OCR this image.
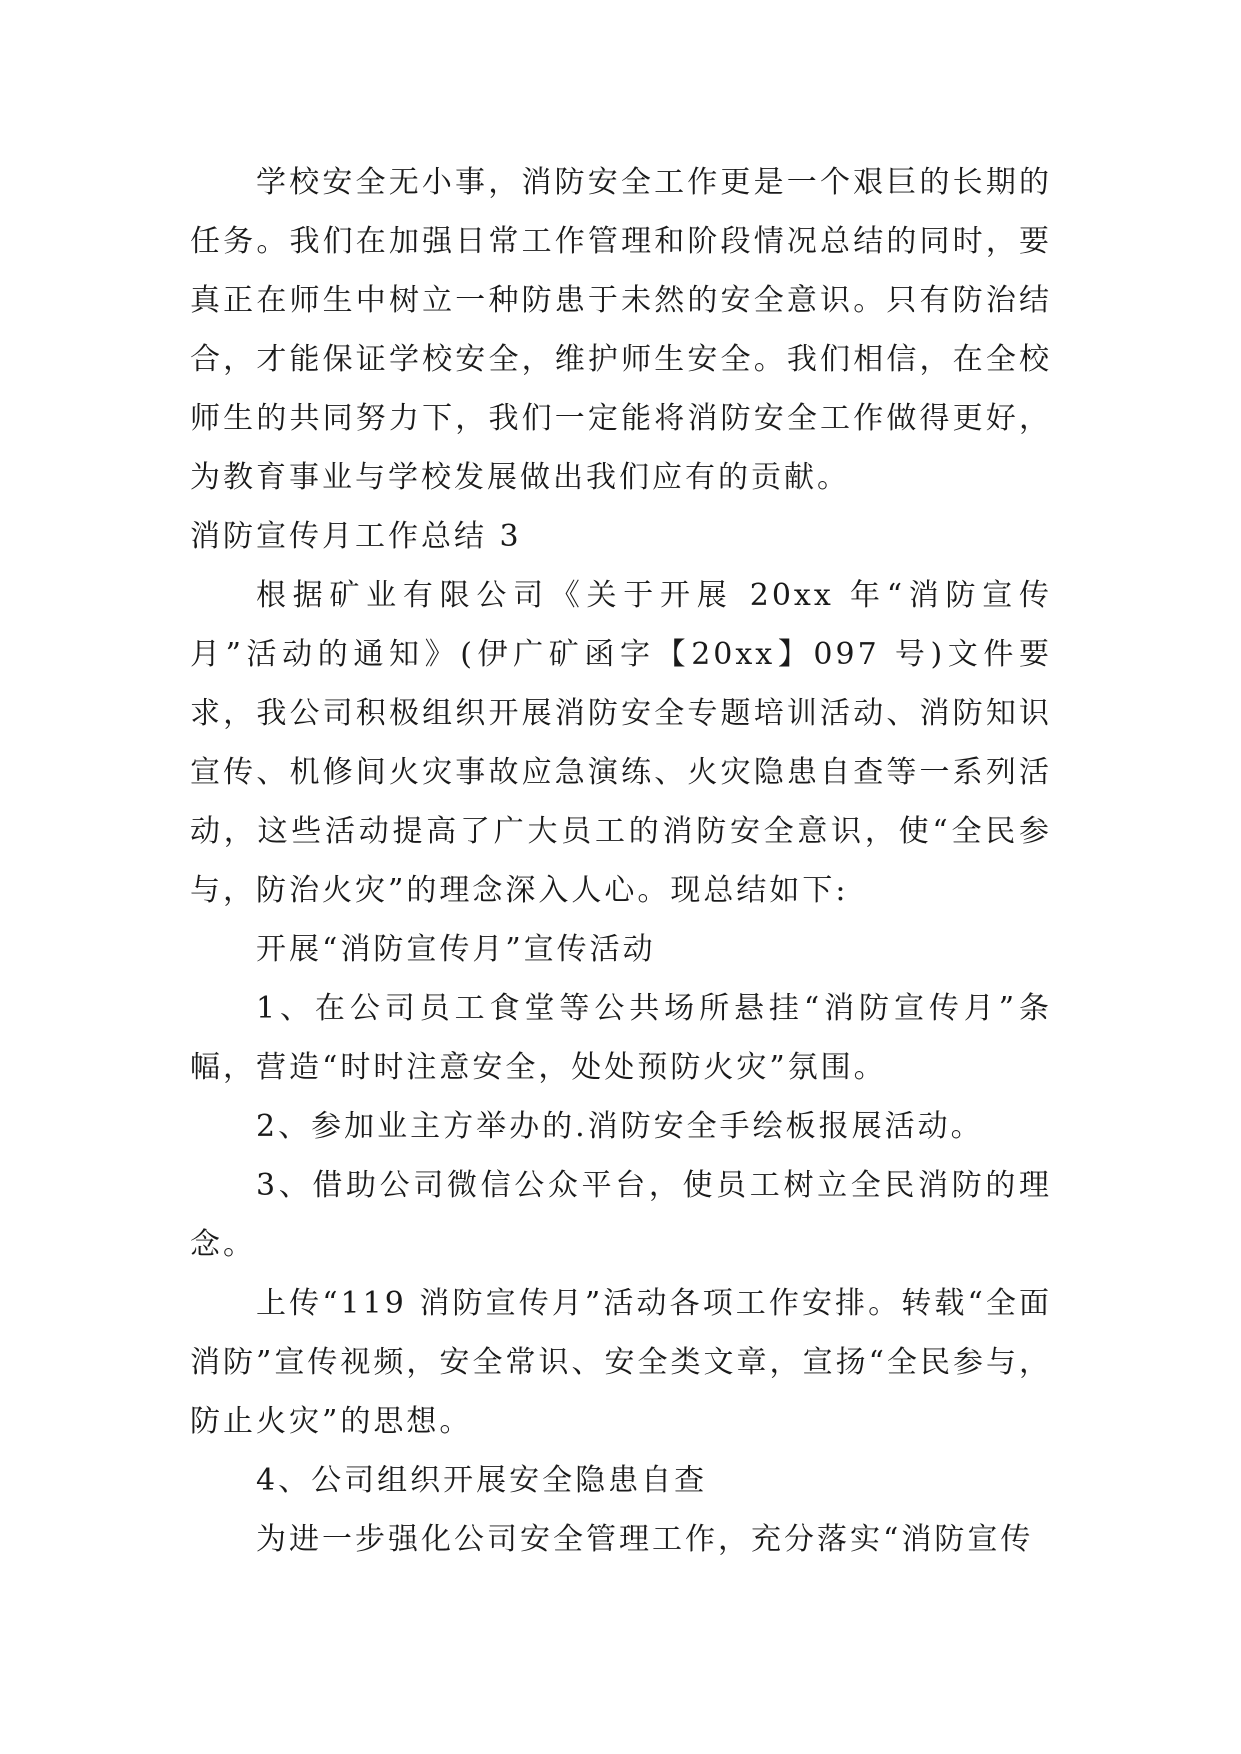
学校安全无小事，消防安全工作更是一个艰巨的长期的任务。我们在加强日常工作管理和阶段情况总结的同时，要真正在师生中树立一种防患于未然的安全意识。只有防治结合，才能保证学校安全，维护师生安全。我们相信，在全校师生的共同努力下，我们一定能将消防安全工作做得更好，为教育事业与学校发展做出我们应有的贡献。

消防宣传月工作总结 3

根据矿业有限公司《关于开展 20xx 年“消防宣传月”活动的通知》(伊广矿函字【20xx】097 号)文件要求，我公司积极组织开展消防安全专题培训活动、消防知识宣传、机修间火灾事故应急演练、火灾隐患自查等一系列活动，这些活动提高了广大员工的消防安全意识，使“全民参与，防治火灾”的理念深入人心。现总结如下:

开展“消防宣传月”宣传活动

1、在公司员工食堂等公共场所悬挂“消防宣传月”条幅，营造“时时注意安全，处处预防火灾”氛围。

2、参加业主方举办的.消防安全手绘板报展活动。

3、借助公司微信公众平台，使员工树立全民消防的理念。

上传“119 消防宣传月”活动各项工作安排。转载“全面消防”宣传视频，安全常识、安全类文章，宣扬“全民参与，防止火灾”的思想。

4、公司组织开展安全隐患自查

为进一步强化公司安全管理工作，充分落实“消防宣传
